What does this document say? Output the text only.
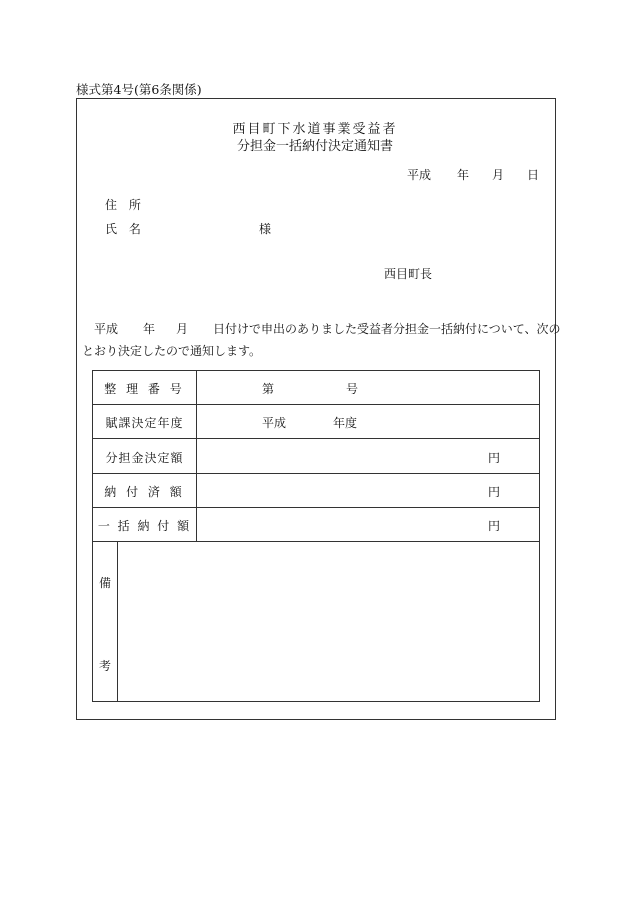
様式第4号(第6条関係)
西目町下水道事業受益者
分担金一括納付決定通知書
平成 年 月 日
住 所
氏 名	様
西目町長
平成 年 月 日付けで申出のありました受益者分担金一括納付について、次の
とおり決定したので通知します。
整 理 番 号	第	号
賦課決定年度	平成	年度
分担金決定額	円
納 付 済 額	円
一 括 納 付 額	円
備
考
